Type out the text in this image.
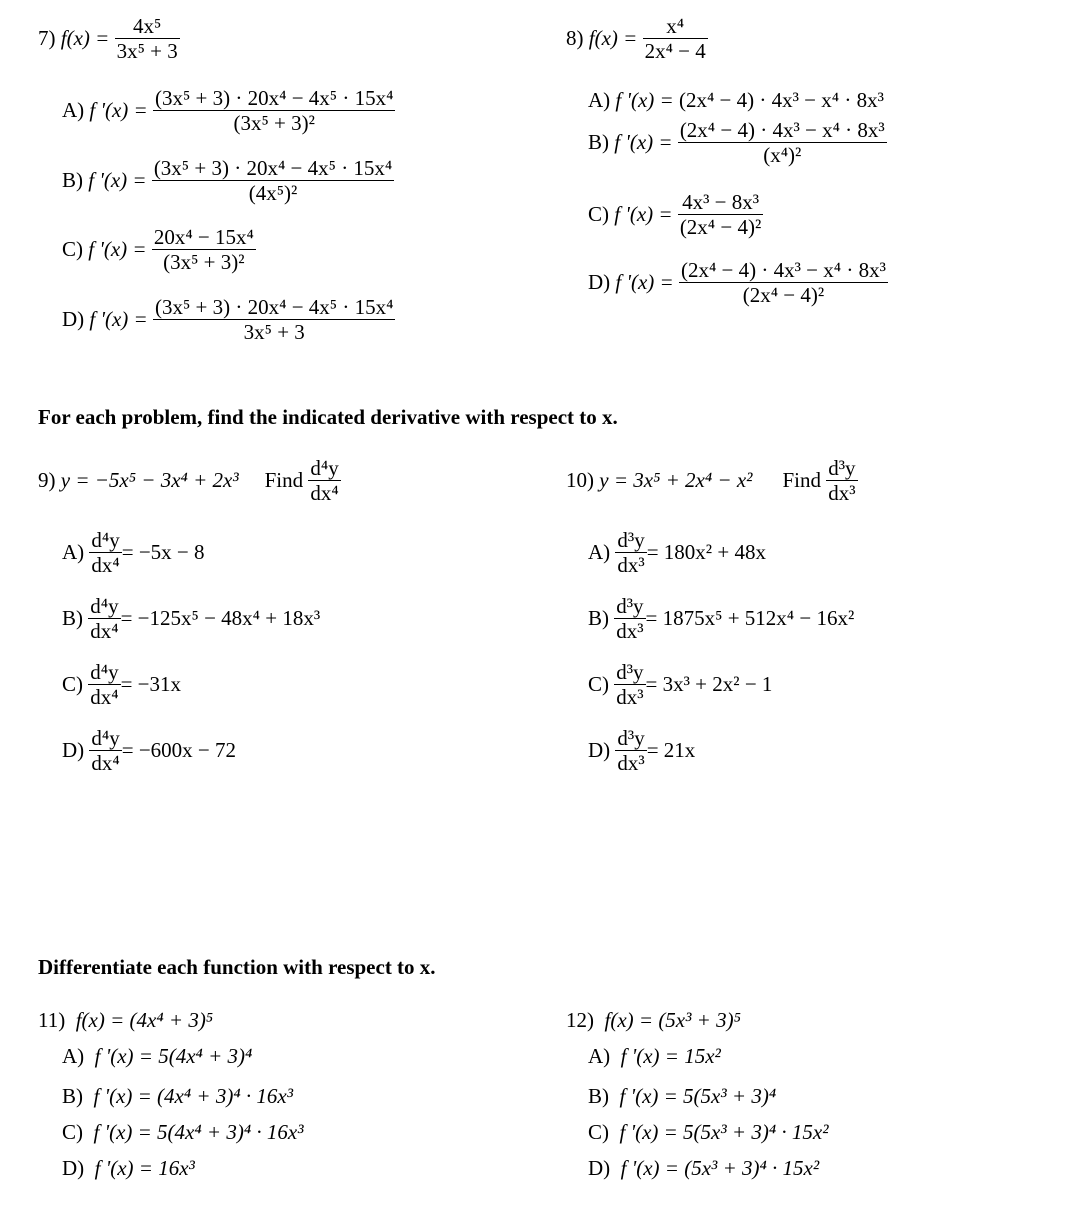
7)
f(x) =
$\frac{\text{4x⁵}}{\text{3x⁵ + 3}}$
A)
f '(x) =
$\frac{\text{(3x⁵ + 3) · 20x⁴ − 4x⁵ · 15x⁴}}{\text{(3x⁵ + 3)²}}$
B)
f '(x) =
$\frac{\text{(3x⁵ + 3) · 20x⁴ − 4x⁵ · 15x⁴}}{\text{(4x⁵)²}}$
C)
f '(x) =
$\frac{\text{20x⁴ − 15x⁴}}{\text{(3x⁵ + 3)²}}$
D)
f '(x) =
$\frac{\text{(3x⁵ + 3) · 20x⁴ − 4x⁵ · 15x⁴}}{\text{3x⁵ + 3}}$
8)
f(x) =
$\frac{\text{x⁴}}{\text{2x⁴ − 4}}$
A)
f '(x) =
(2x⁴ − 4) · 4x³ − x⁴ · 8x³
B)
f '(x) =
$\frac{\text{(2x⁴ − 4) · 4x³ − x⁴ · 8x³}}{\text{(x⁴)²}}$
C)
f '(x) =
$\frac{\text{4x³ − 8x³}}{\text{(2x⁴ − 4)²}}$
D)
f '(x) =
$\frac{\text{(2x⁴ − 4) · 4x³ − x⁴ · 8x³}}{\text{(2x⁴ − 4)²}}$
For each problem, find the indicated derivative with respect to x.
9)
y = −5x⁵ − 3x⁴ + 2x³ Find
$\frac{\text{d⁴y}}{\text{dx⁴}}$
A)
$\frac{\text{d⁴y}}{\text{dx⁴}} = -5x - 8$
B)
$\frac{\text{d⁴y}}{\text{dx⁴}} = -125x^5 - 48x^4 + 18x^3$
C)
$\frac{\text{d⁴y}}{\text{dx⁴}} = -31x$
D)
$\frac{\text{d⁴y}}{\text{dx⁴}} = -600x - 72$
10)
y = 3x⁵ + 2x⁴ − x² Find
$\frac{\text{d³y}}{\text{dx³}}$
A)
$\frac{\text{d³y}}{\text{dx³}} = 180x^2 + 48x$
B)
$\frac{\text{d³y}}{\text{dx³}} = 1875x^5 + 512x^4 - 16x^2$
C)
$\frac{\text{d³y}}{\text{dx³}} = 3x^3 + 2x^2 - 1$
D)
$\frac{\text{d³y}}{\text{dx³}} = 21x$
Differentiate each function with respect to x.
11) f(x) = (4x⁴ + 3)⁵
A) f '(x) = 5(4x⁴ + 3)⁴
B) f '(x) = (4x⁴ + 3)⁴ · 16x³
C) f '(x) = 5(4x⁴ + 3)⁴ · 16x³
D) f '(x) = 16x³
12) f(x) = (5x³ + 3)⁵
A) f '(x) = 15x²
B) f '(x) = 5(5x³ + 3)⁴
C) f '(x) = 5(5x³ + 3)⁴ · 15x²
D) f '(x) = (5x³ + 3)⁴ · 15x²
